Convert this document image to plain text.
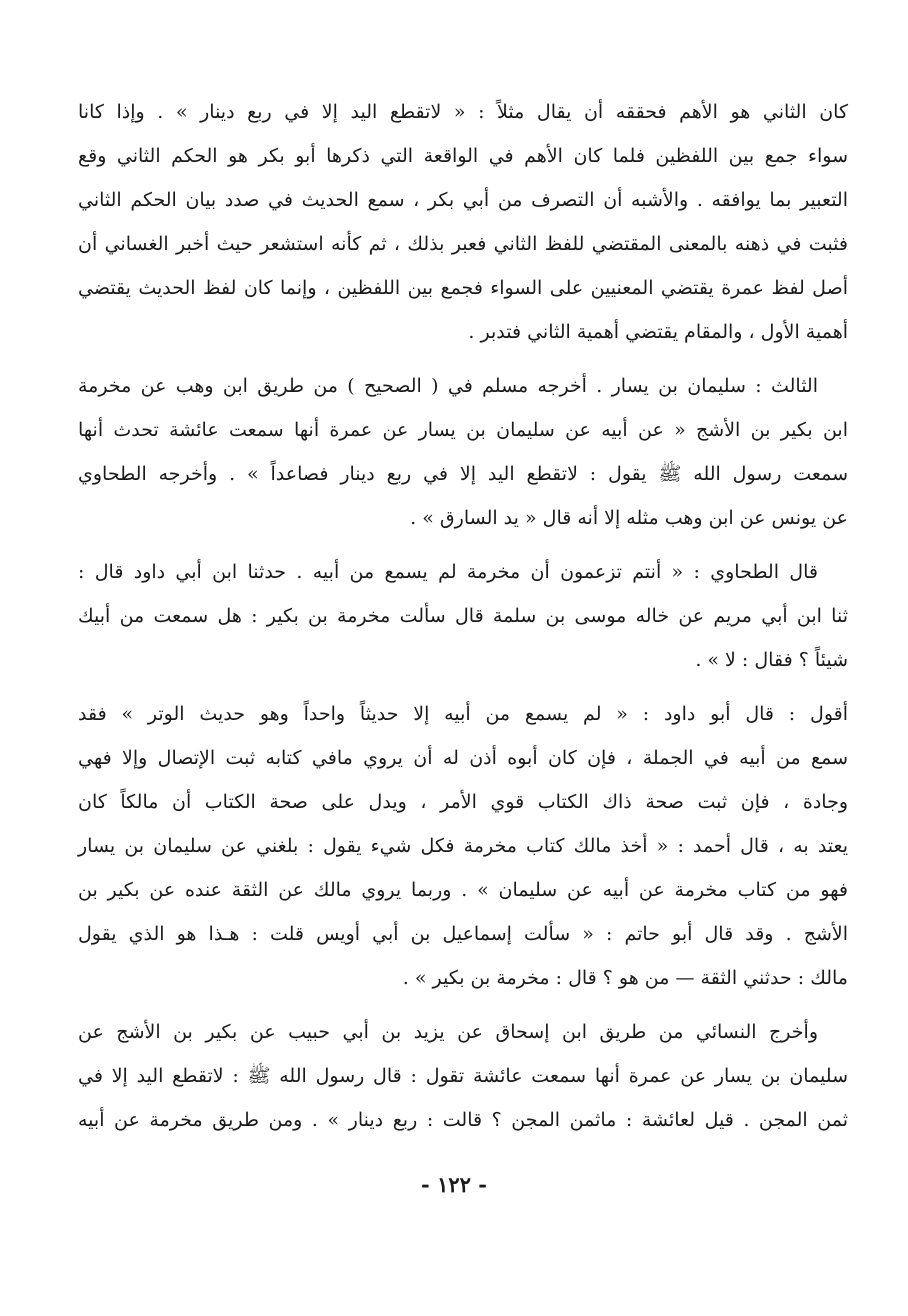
كان الثاني هو الأهم فحققه أن يقال مثلاً : « لاتقطع اليد إلا في ربع دينار » . وإذا كانا
سواء جمع بين اللفظين فلما كان الأهم في الواقعة التي ذكرها أبو بكر هو الحكم الثاني وقع
التعبير بما يوافقه . والأشبه أن التصرف من أبي بكر ، سمع الحديث في صدد بيان الحكم الثاني
فثبت في ذهنه بالمعنى المقتضي للفظ الثاني فعبر بذلك ، ثم كأنه استشعر حيث أخبر الغساني أن
أصل لفظ عمرة يقتضي المعنيين على السواء فجمع بين اللفظين ، وإنما كان لفظ الحديث يقتضي
أهمية الأول ، والمقام يقتضي أهمية الثاني فتدبر .
الثالث : سليمان بن يسار . أخرجه مسلم في ( الصحيح ) من طريق ابن وهب عن مخرمة
ابن بكير بن الأشج « عن أبيه عن سليمان بن يسار عن عمرة أنها سمعت عائشة تحدث أنها
سمعت رسول الله ﷺ يقول : لاتقطع اليد إلا في ربع دينار فصاعداً » . وأخرجه الطحاوي
عن يونس عن ابن وهب مثله إلا أنه قال « يد السارق » .
قال الطحاوي : « أنتم تزعمون أن مخرمة لم يسمع من أبيه . حدثنا ابن أبي داود قال :
ثنا ابن أبي مريم عن خاله موسى بن سلمة قال سألت مخرمة بن بكير : هل سمعت من أبيك
شيئاً ؟ فقال : لا » .
أقول : قال أبو داود : « لم يسمع من أبيه إلا حديثاً واحداً وهو حديث الوتر » فقد
سمع من أبيه في الجملة ، فإن كان أبوه أذن له أن يروي مافي كتابه ثبت الإتصال وإلا فهي
وجادة ، فإن ثبت صحة ذاك الكتاب قوي الأمر ، ويدل على صحة الكتاب أن مالكاً كان
يعتد به ، قال أحمد : « أخذ مالك كتاب مخرمة فكل شيء يقول : بلغني عن سليمان بن يسار
فهو من كتاب مخرمة عن أبيه عن سليمان » . وربما يروي مالك عن الثقة عنده عن بكير بن
الأشج . وقد قال أبو حاتم : « سألت إسماعيل بن أبي أويس قلت : هـذا هو الذي يقول
مالك : حدثني الثقة — من هو ؟ قال : مخرمة بن بكير » .
وأخرج النسائي من طريق ابن إسحاق عن يزيد بن أبي حبيب عن بكير بن الأشج عن
سليمان بن يسار عن عمرة أنها سمعت عائشة تقول : قال رسول الله ﷺ : لاتقطع اليد إلا في
ثمن المجن . قيل لعائشة : ماثمن المجن ؟ قالت : ربع دينار » . ومن طريق مخرمة عن أبيه
- ١٢٢ -
